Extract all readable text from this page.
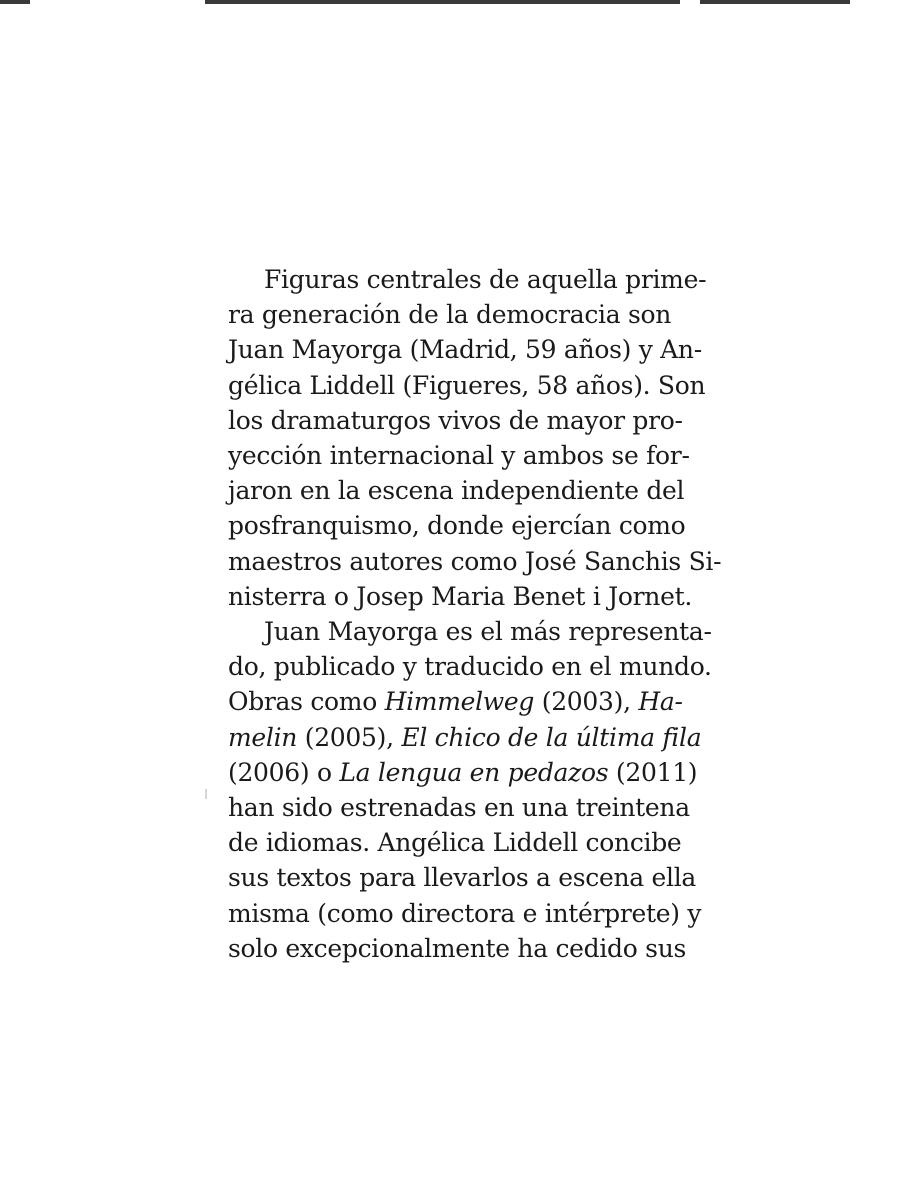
Figuras centrales de aquella prime-
ra generación de la democracia son
Juan Mayorga (Madrid, 59 años) y An-
gélica Liddell (Figueres, 58 años). Son
los dramaturgos vivos de mayor pro-
yección internacional y ambos se for-
jaron en la escena independiente del
posfranquismo, donde ejercían como
maestros autores como José Sanchis Si-
nisterra o Josep Maria Benet i Jornet.

Juan Mayorga es el más representa-
do, publicado y traducido en el mundo.
Obras como Himmelweg (2003), Ha-
melin (2005), El chico de la última fila
(2006) o La lengua en pedazos (2011)
han sido estrenadas en una treintena
de idiomas. Angélica Liddell concibe
sus textos para llevarlos a escena ella
misma (como directora e intérprete) y
solo excepcionalmente ha cedido sus
